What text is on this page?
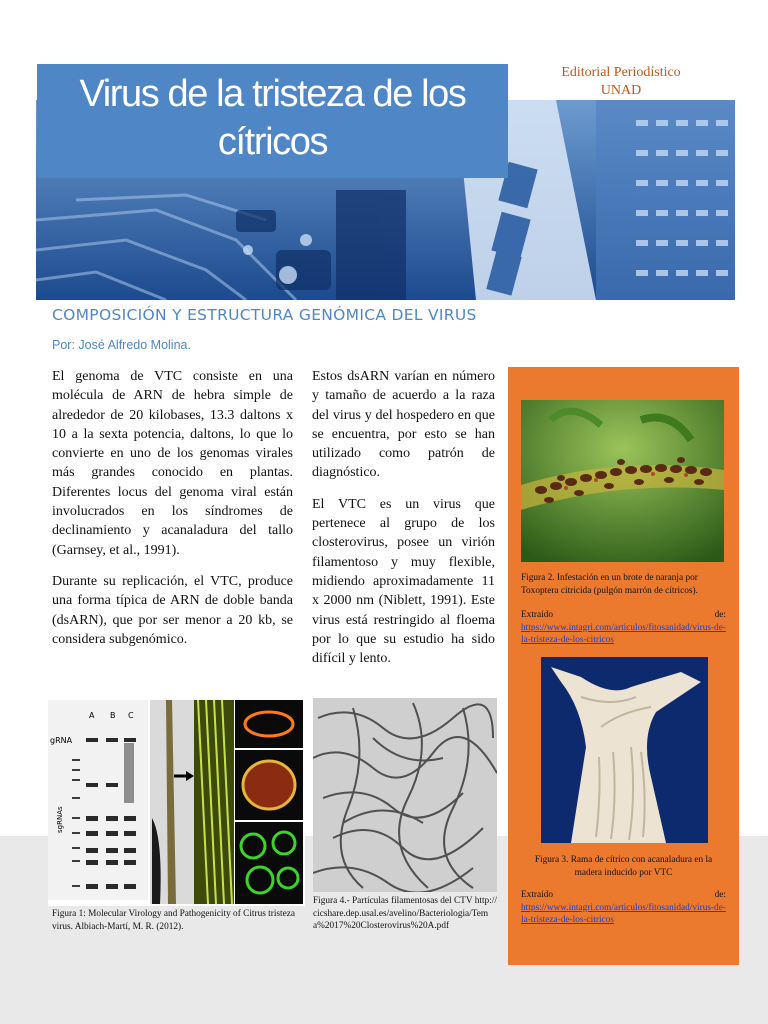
Virus de la tristeza de los
cítricos
Editorial Periodístico
UNAD
COMPOSICIÓN Y ESTRUCTURA GENÓMICA DEL VIRUS
Por: José Alfredo Molina.

El genoma de VTC consiste en una molécula de ARN de hebra simple de alrededor de 20 kilobases, 13.3 daltons x 10 a la sexta potencia, daltons, lo que lo convierte en uno de los genomas virales más grandes conocido en plantas. Diferentes locus del genoma viral están involucrados en los síndromes de declinamiento y acanaladura del tallo (Garnsey, et al., 1991).

Durante su replicación, el VTC, produce una forma típica de ARN de doble banda (dsARN), que por ser menor a 20 kb, se considera subgenómico.

Estos dsARN varían en número y tamaño de acuerdo a la raza del virus y del hospedero en que se encuentra, por esto se han utilizado como patrón de diagnóstico.

El VTC es un virus que pertenece al grupo de los closterovirus, posee un virión filamentoso y muy flexible, midiendo aproximadamente 11 x 2000 nm (Niblett, 1991). Este virus está restringido al floema por lo que su estudio ha sido difícil y lento.

Figura 2. Infestación en un brote de naranja por Toxoptera citricida (pulgón marrón de cítricos).
Extraído	de:
https://www.intagri.com/articulos/fitosanidad/virus-de-la-tristeza-de-los-citricos
Figura 3. Rama de cítrico con acanaladura en la madera inducido por VTC
Extraído	de:
https://www.intagri.com/articulos/fitosanidad/virus-de-la-tristeza-de-los-citricos
A B C
gRNA
sgRNAs
Figura 1: Molecular Virology and Pathogenicity of Citrus tristeza virus. Albiach-Martí, M. R. (2012).
Figura 4.- Partículas filamentosas del CTV http://cicshare.dep.usal.es/avelino/Bacteriologia/Tema%2017%20Closterovirus%20A.pdf
